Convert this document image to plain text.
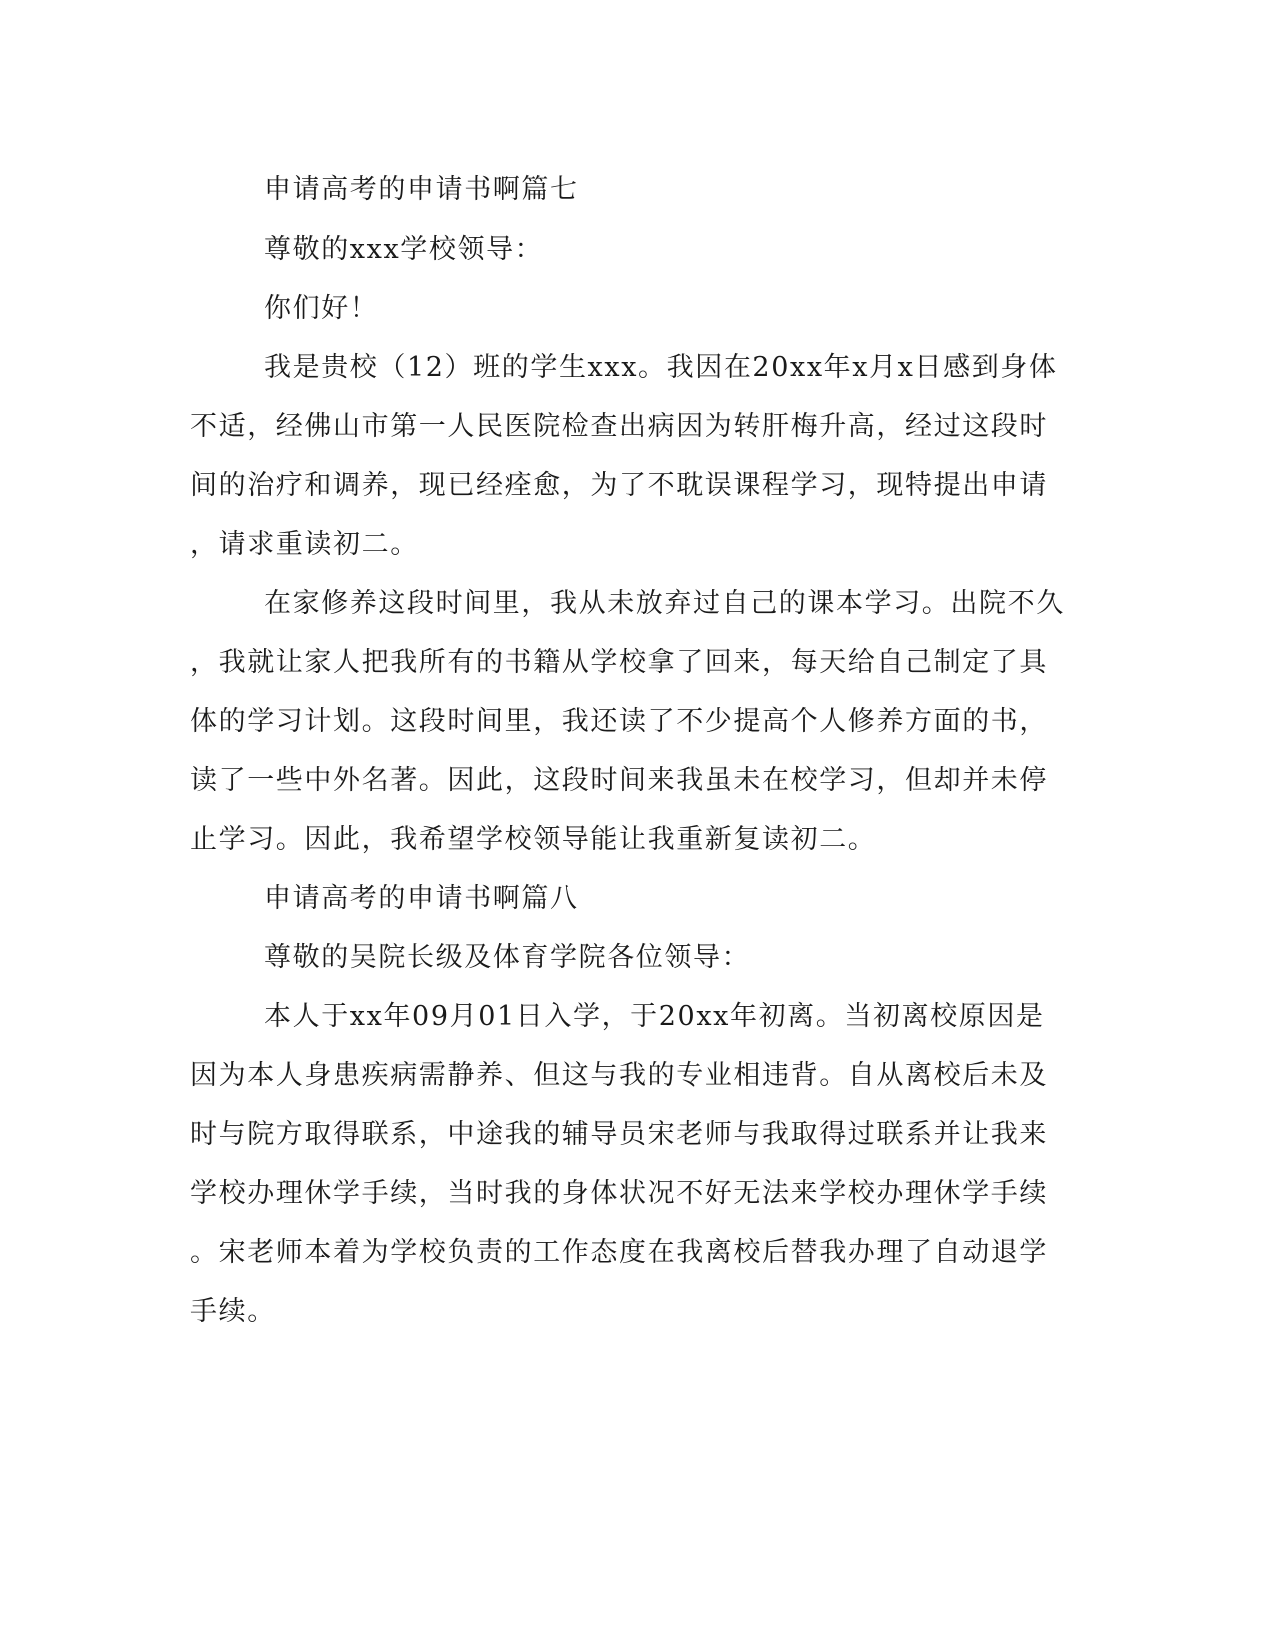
申请高考的申请书啊篇七
尊敬的xxx学校领导：
你们好！
我是贵校（12）班的学生xxx。我因在20xx年x月x日感到身体
不适，经佛山市第一人民医院检查出病因为转肝梅升高，经过这段时
间的治疗和调养，现已经痊愈，为了不耽误课程学习，现特提出申请
，请求重读初二。
在家修养这段时间里，我从未放弃过自己的课本学习。出院不久
，我就让家人把我所有的书籍从学校拿了回来，每天给自己制定了具
体的学习计划。这段时间里，我还读了不少提高个人修养方面的书，
读了一些中外名著。因此，这段时间来我虽未在校学习，但却并未停
止学习。因此，我希望学校领导能让我重新复读初二。
申请高考的申请书啊篇八
尊敬的吴院长级及体育学院各位领导：
本人于xx年09月01日入学，于20xx年初离。当初离校原因是
因为本人身患疾病需静养、但这与我的专业相违背。自从离校后未及
时与院方取得联系，中途我的辅导员宋老师与我取得过联系并让我来
学校办理休学手续，当时我的身体状况不好无法来学校办理休学手续
。宋老师本着为学校负责的工作态度在我离校后替我办理了自动退学
手续。
